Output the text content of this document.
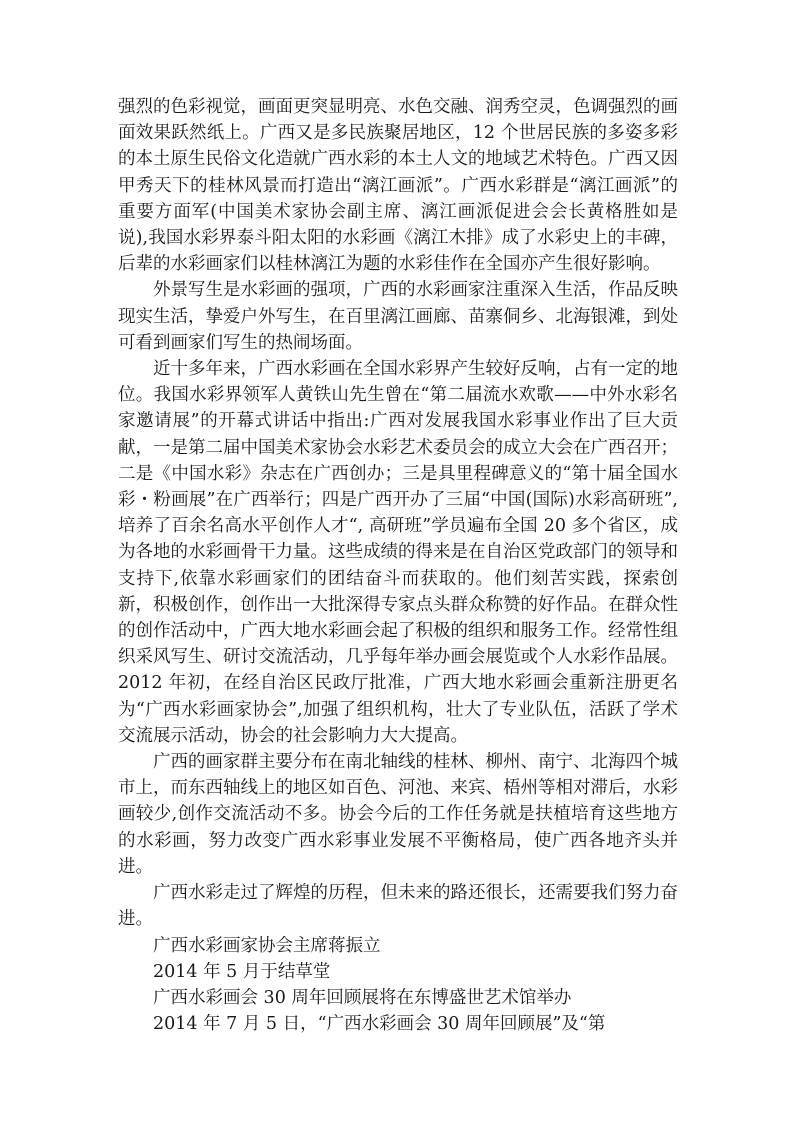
强烈的色彩视觉，画面更突显明亮、水色交融、润秀空灵，色调强烈的画面效果跃然纸上。广西又是多民族聚居地区，12 个世居民族的多姿多彩的本土原生民俗文化造就广西水彩的本土人文的地域艺术特色。广西又因甲秀天下的桂林风景而打造出“漓江画派”。广西水彩群是“漓江画派”的重要方面军(中国美术家协会副主席、漓江画派促进会会长黄格胜如是说),我国水彩界泰斗阳太阳的水彩画《漓江木排》成了水彩史上的丰碑，后辈的水彩画家们以桂林漓江为题的水彩佳作在全国亦产生很好影响。

外景写生是水彩画的强项，广西的水彩画家注重深入生活，作品反映现实生活，挚爱户外写生，在百里漓江画廊、苗寨侗乡、北海银滩，到处可看到画家们写生的热闹场面。

近十多年来，广西水彩画在全国水彩界产生较好反响，占有一定的地位。我国水彩界领军人黄铁山先生曾在“第二届流水欢歌——中外水彩名家邀请展”的开幕式讲话中指出:广西对发展我国水彩事业作出了巨大贡献，一是第二届中国美术家协会水彩艺术委员会的成立大会在广西召开；二是《中国水彩》杂志在广西创办；三是具里程碑意义的“第十届全国水彩・粉画展”在广西举行；四是广西开办了三届“中国(国际)水彩高研班”,培养了百余名高水平创作人才“, 高研班”学员遍布全国 20 多个省区，成为各地的水彩画骨干力量。这些成绩的得来是在自治区党政部门的领导和支持下,依靠水彩画家们的团结奋斗而获取的。他们刻苦实践，探索创新，积极创作，创作出一大批深得专家点头群众称赞的好作品。在群众性的创作活动中，广西大地水彩画会起了积极的组织和服务工作。经常性组织采风写生、研讨交流活动，几乎每年举办画会展览或个人水彩作品展。2012 年初，在经自治区民政厅批准，广西大地水彩画会重新注册更名为“广西水彩画家协会”,加强了组织机构，壮大了专业队伍，活跃了学术交流展示活动，协会的社会影响力大大提高。

广西的画家群主要分布在南北轴线的桂林、柳州、南宁、北海四个城市上，而东西轴线上的地区如百色、河池、来宾、梧州等相对滞后，水彩画较少,创作交流活动不多。协会今后的工作任务就是扶植培育这些地方的水彩画，努力改变广西水彩事业发展不平衡格局，使广西各地齐头并进。

广西水彩走过了辉煌的历程，但未来的路还很长，还需要我们努力奋进。

广西水彩画家协会主席蒋振立

2014 年 5 月于结草堂

广西水彩画会 30 周年回顾展将在东博盛世艺术馆举办

2014 年 7 月 5 日，“广西水彩画会 30 周年回顾展”及“第
